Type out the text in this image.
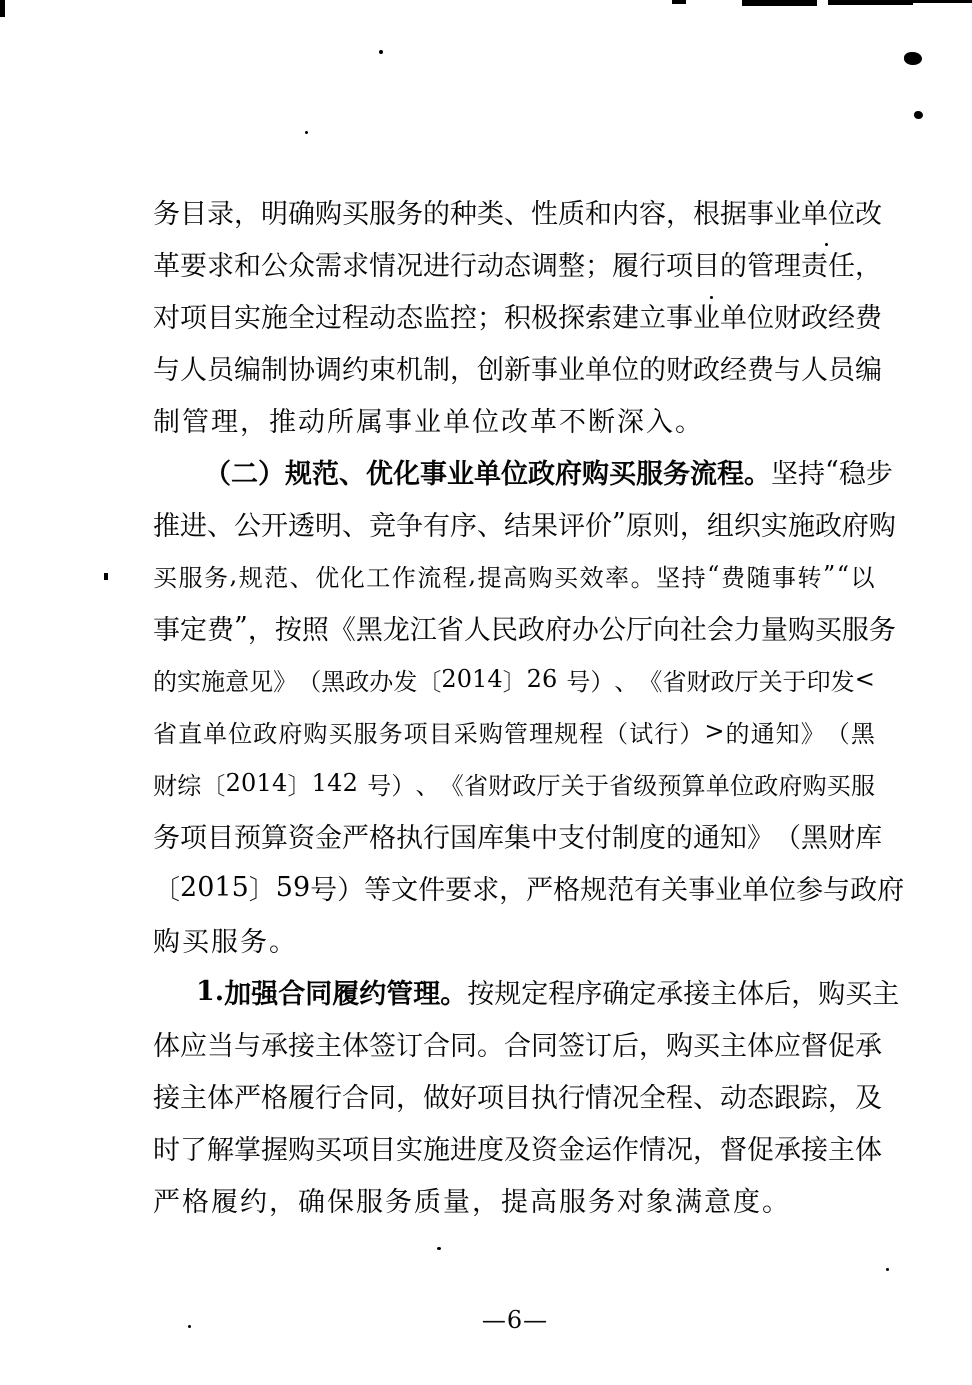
务 目 录 ， 明 确 购 买 服 务 的 种 类 、 性 质 和 内 容 ， 根 据 事 业 单 位 改
革 要 求 和 公 众 需 求 情 况 进 行 动 态 调 整 ； 履 行 项 目 的 管 理 责 任 ，
对 项 目 实 施 全 过 程 动 态 监 控 ； 积 极 探 索 建 立 事 业 单 位 财 政 经 费
与 人 员 编 制 协 调 约 束 机 制 ， 创 新 事 业 单 位 的 财 政 经 费 与 人 员 编
制 管 理 ， 推 动 所 属 事 业 单 位 改 革 不 断 深 入 。
（ 二 ） 规 范 、 优 化 事 业 单 位 政 府 购 买 服 务 流 程 。 坚 持 “ 稳 步
推 进 、 公 开 透 明 、 竞 争 有 序 、 结 果 评 价 ” 原 则 ， 组 织 实 施 政 府 购
买 服 务 , 规 范 、 优 化 工 作 流 程 , 提 高 购 买 效 率 。 坚 持 “ 费 随 事 转 ” “ 以
事 定 费 ” ， 按 照 《 黑 龙 江 省 人 民 政 府 办 公 厅 向 社 会 力 量 购 买 服 务
的 实 施 意 见 》 （ 黑 政 办 发 〔 2 0 1 4 〕 2 6 号 ） 、 《 省 财 政 厅 关 于 印 发 <
省 直 单 位 政 府 购 买 服 务 项 目 采 购 管 理 规 程 （ 试 行 ） > 的 通 知 》 （ 黑
财 综 〔 2 0 1 4 〕 1 4 2 号 ） 、 《 省 财 政 厅 关 于 省 级 预 算 单 位 政 府 购 买 服
务 项 目 预 算 资 金 严 格 执 行 国 库 集 中 支 付 制 度 的 通 知 》 （ 黑 财 库
〔 2 0 1 5 〕 5 9 号 ） 等 文 件 要 求 ， 严 格 规 范 有 关 事 业 单 位 参 与 政 府
购 买 服 务 。
1 . 加 强 合 同 履 约 管 理 。 按 规 定 程 序 确 定 承 接 主 体 后 ， 购 买 主
体 应 当 与 承 接 主 体 签 订 合 同 。 合 同 签 订 后 ， 购 买 主 体 应 督 促 承
接 主 体 严 格 履 行 合 同 ， 做 好 项 目 执 行 情 况 全 程 、 动 态 跟 踪 ， 及
时 了 解 掌 握 购 买 项 目 实 施 进 度 及 资 金 运 作 情 况 ， 督 促 承 接 主 体
严 格 履 约 ， 确 保 服 务 质 量 ， 提 高 服 务 对 象 满 意 度 。
—6—
